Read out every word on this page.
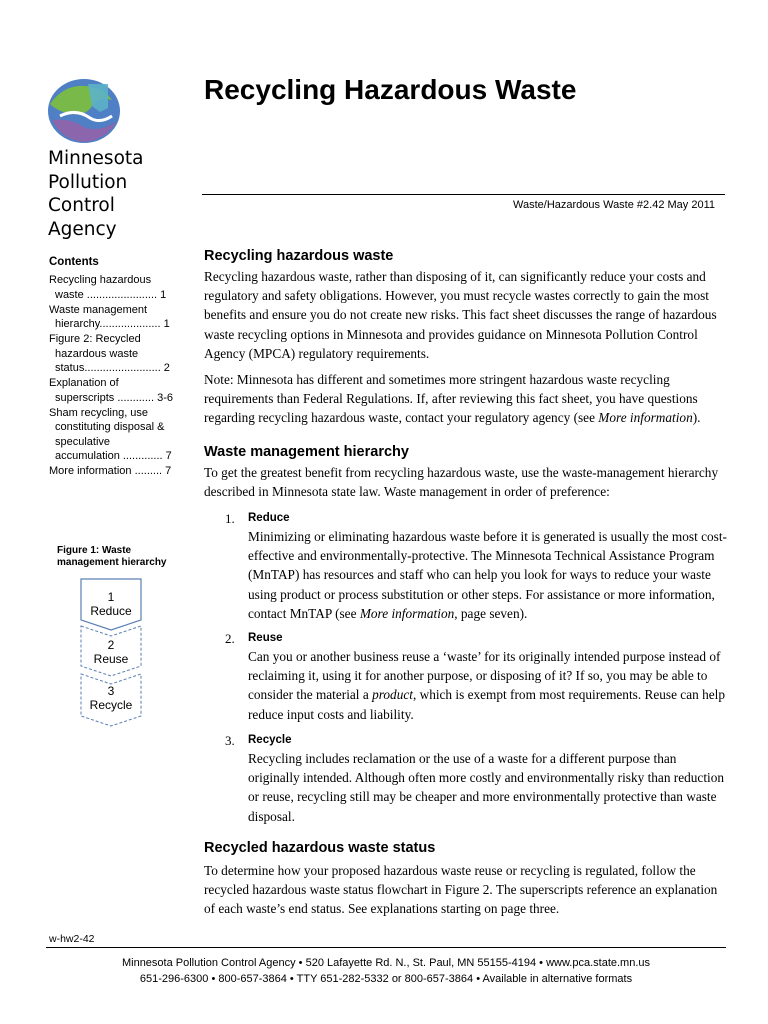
Minnesota
Pollution
Control
Agency
Recycling Hazardous Waste
Waste/Hazardous Waste #2.42 May 2011
Contents
Recycling hazardous
waste ....................... 1
Waste management
hierarchy.................... 1
Figure 2: Recycled
hazardous waste
status......................... 2
Explanation of
superscripts ............ 3-6
Sham recycling, use
constituting disposal &
speculative
accumulation ............. 7
More information ......... 7
Figure 1: Waste
management hierarchy
1
Reduce
2
Reuse
3
Recycle
Recycling hazardous waste
Recycling hazardous waste, rather than disposing of it, can significantly reduce your costs and regulatory and safety obligations. However, you must recycle wastes correctly to gain the most benefits and ensure you do not create new risks. This fact sheet discusses the range of hazardous waste recycling options in Minnesota and provides guidance on Minnesota Pollution Control Agency (MPCA) regulatory requirements.
Note: Minnesota has different and sometimes more stringent hazardous waste recycling requirements than Federal Regulations. If, after reviewing this fact sheet, you have questions regarding recycling hazardous waste, contact your regulatory agency (see More information).
Waste management hierarchy
To get the greatest benefit from recycling hazardous waste, use the waste-management hierarchy described in Minnesota state law. Waste management in order of preference:
1. Reduce
Minimizing or eliminating hazardous waste before it is generated is usually the most cost-effective and environmentally-protective. The Minnesota Technical Assistance Program (MnTAP) has resources and staff who can help you look for ways to reduce your waste using product or process substitution or other steps. For assistance or more information, contact MnTAP (see More information, page seven).
2. Reuse
Can you or another business reuse a ‘waste’ for its originally intended purpose instead of reclaiming it, using it for another purpose, or disposing of it? If so, you may be able to consider the material a product, which is exempt from most requirements. Reuse can help reduce input costs and liability.
3. Recycle
Recycling includes reclamation or the use of a waste for a different purpose than originally intended. Although often more costly and environmentally risky than reduction or reuse, recycling still may be cheaper and more environmentally protective than waste disposal.
Recycled hazardous waste status
To determine how your proposed hazardous waste reuse or recycling is regulated, follow the recycled hazardous waste status flowchart in Figure 2. The superscripts reference an explanation of each waste’s end status. See explanations starting on page three.
w-hw2-42
Minnesota Pollution Control Agency • 520 Lafayette Rd. N., St. Paul, MN 55155-4194 • www.pca.state.mn.us
651-296-6300 • 800-657-3864 • TTY 651-282-5332 or 800-657-3864 • Available in alternative formats
